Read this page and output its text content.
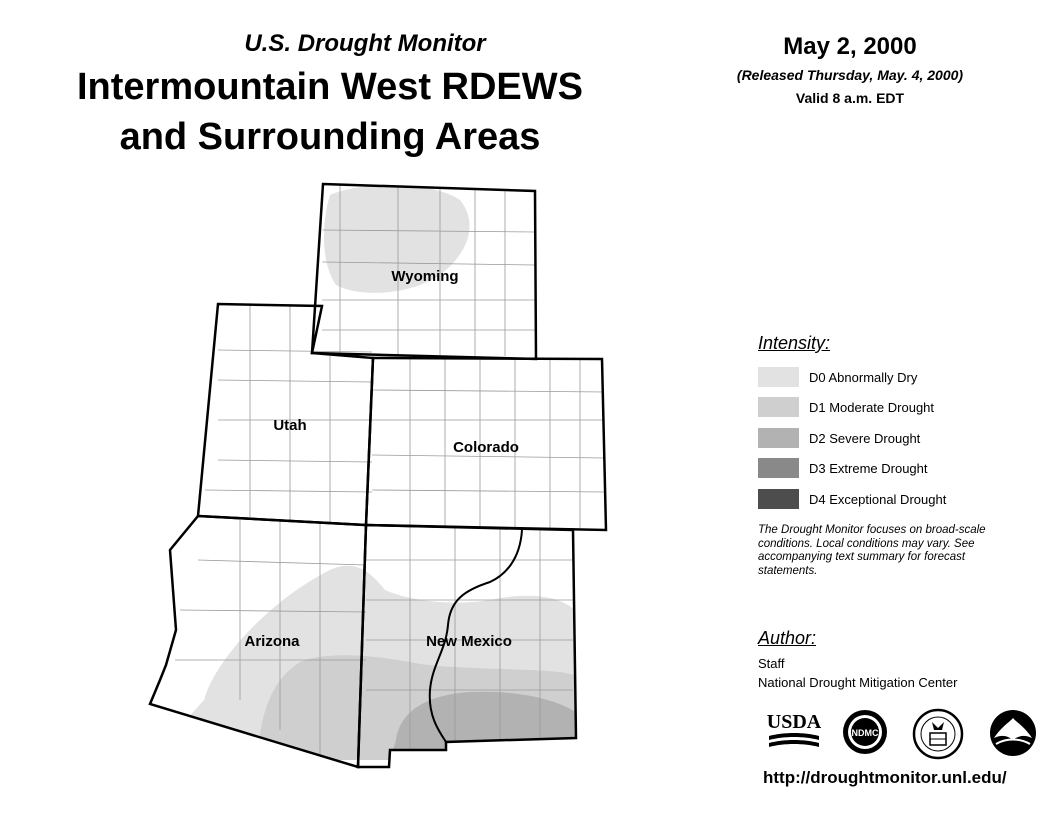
U.S. Drought Monitor
Intermountain West RDEWS
and Surrounding Areas
May 2, 2000
(Released Thursday, May. 4, 2000)
Valid 8 a.m. EDT
Wyoming
Utah
Colorado
Arizona	New Mexico
Intensity:
D0 Abnormally Dry
D1 Moderate Drought
D2 Severe Drought
D3 Extreme Drought
D4 Exceptional Drought
The Drought Monitor focuses on broad-scale conditions. Local conditions may vary. See accompanying text summary for forecast statements.
Author:
Staff
National Drought Mitigation Center
USDA	NDMC
http://droughtmonitor.unl.edu/
